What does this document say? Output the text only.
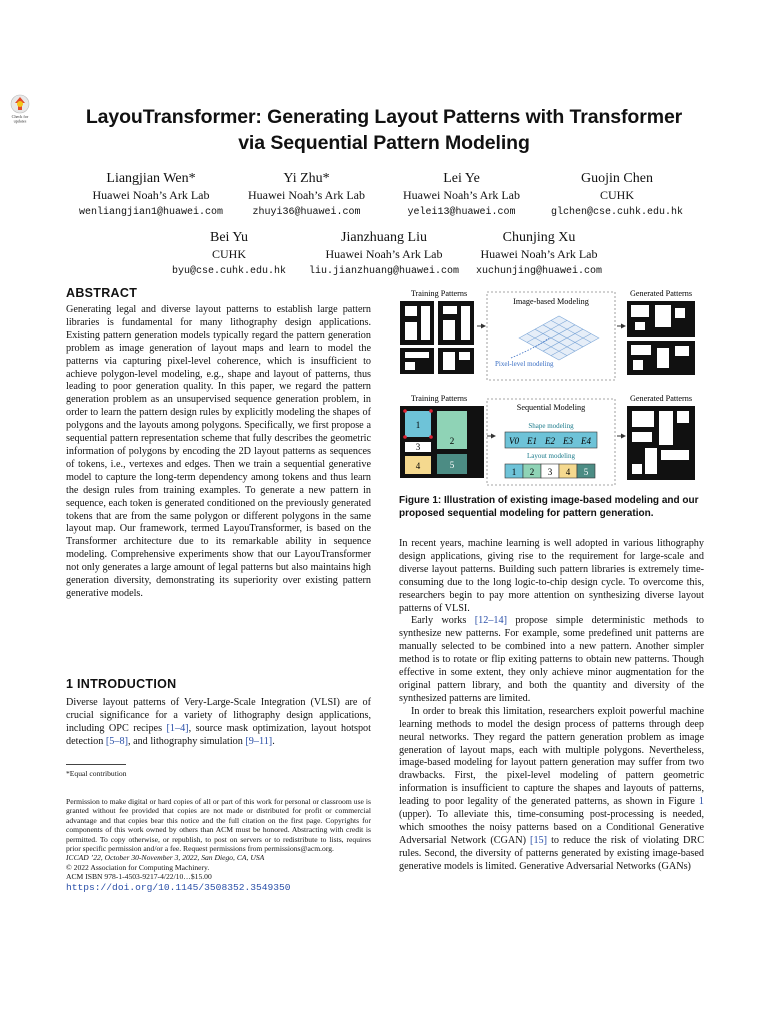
Check for
updates	LayouTransformer: Generating Layout Patterns with Transformer
via Sequential Pattern Modeling
Liangjian Wen*
Huawei Noah’s Ark Lab
wenliangjian1@huawei.com
Yi Zhu*
Huawei Noah’s Ark Lab
zhuyi36@huawei.com
Lei Ye
Huawei Noah’s Ark Lab
yelei13@huawei.com
Guojin Chen
CUHK
glchen@cse.cuhk.edu.hk
Bei Yu
CUHK
byu@cse.cuhk.edu.hk
Jianzhuang Liu
Huawei Noah’s Ark Lab
liu.jianzhuang@huawei.com
Chunjing Xu
Huawei Noah’s Ark Lab
xuchunjing@huawei.com
ABSTRACT

Generating legal and diverse layout patterns to establish large pattern libraries is fundamental for many lithography design applications. Existing pattern generation models typically regard the pattern generation problem as image generation of layout maps and learn to model the patterns via capturing pixel-level coherence, which is insufficient to achieve polygon-level modeling, e.g., shape and layout of patterns, thus leading to poor generation quality. In this paper, we regard the pattern generation problem as an unsupervised sequence generation problem, in order to learn the pattern design rules by explicitly modeling the shapes of polygons and the layouts among polygons. Specifically, we first propose a sequential pattern representation scheme that fully describes the geometric information of polygons by encoding the 2D layout patterns as sequences of tokens, i.e., vertexes and edges. Then we train a sequential generative model to capture the long-term dependency among tokens and thus learn the design rules from training examples. To generate a new pattern in sequence, each token is generated conditioned on the previously generated tokens that are from the same polygon or different polygons in the same layout map. Our framework, termed LayouTransformer, is based on the Transformer architecture due to its remarkable ability in sequence modeling. Comprehensive experiments show that our LayouTransformer not only generates a large amount of legal patterns but also maintains high generation diversity, demonstrating its superiority over existing pattern generative models.

1 INTRODUCTION

Diverse layout patterns of Very-Large-Scale Integration (VLSI) are of crucial significance for a variety of lithography design applications, including OPC recipes [1–4], source mask optimization, layout hotspot detection [5–8], and lithography simulation [9–11].

*Equal contribution

Permission to make digital or hard copies of all or part of this work for personal or classroom use is granted without fee provided that copies are not made or distributed for profit or commercial advantage and that copies bear this notice and the full citation on the first page. Copyrights for components of this work owned by others than ACM must be honored. Abstracting with credit is permitted. To copy otherwise, or republish, to post on servers or to redistribute to lists, requires prior specific permission and/or a fee. Request permissions from permissions@acm.org.

ICCAD ’22, October 30-November 3, 2022, San Diego, CA, USA

© 2022 Association for Computing Machinery.

ACM ISBN 978-1-4503-9217-4/22/10…$15.00

https://doi.org/10.1145/3508352.3549350
Training Patterns
Image-based Modeling
Generated Patterns
Pixel-level modeling
Training Patterns
Sequential Modeling
Generated Patterns
1
2
3
4	5
Shape modeling
V0 E1 E2 E3 E4
Layout modeling
1 2 3 4 5

Figure 1: Illustration of existing image-based modeling and our proposed sequential modeling for pattern generation.

In recent years, machine learning is well adopted in various lithography design applications, giving rise to the requirement for large-scale and diverse layout patterns. Building such pattern libraries is extremely time-consuming due to the long logic-to-chip design cycle. To overcome this, researchers begin to pay more attention on synthesizing diverse layout patterns of VLSI.

Early works [12–14] propose simple deterministic methods to synthesize new patterns. For example, some predefined unit patterns are manually selected to be combined into a new pattern. Another simpler method is to rotate or flip exiting patterns to obtain new patterns. Though effective in some extent, they only achieve minor augmentation for the original pattern library, and both the quantity and diversity of the synthesized patterns are limited.

In order to break this limitation, researchers exploit powerful machine learning methods to model the design process of patterns through deep neural networks. They regard the pattern generation problem as image generation of layout maps, each with multiple polygons. Nevertheless, image-based modeling for layout pattern generation may suffer from two drawbacks. First, the pixel-level modeling of pattern geometric information is insufficient to capture the shapes and layouts of patterns, leading to poor legality of the generated patterns, as shown in Figure 1 (upper). To alleviate this, time-consuming post-processing is needed, which smoothes the noisy patterns based on a Conditional Generative Adversarial Network (CGAN) [15] to reduce the risk of violating DRC rules. Second, the diversity of patterns generated by existing image-based generative models is limited. Generative Adversarial Networks (GANs)
